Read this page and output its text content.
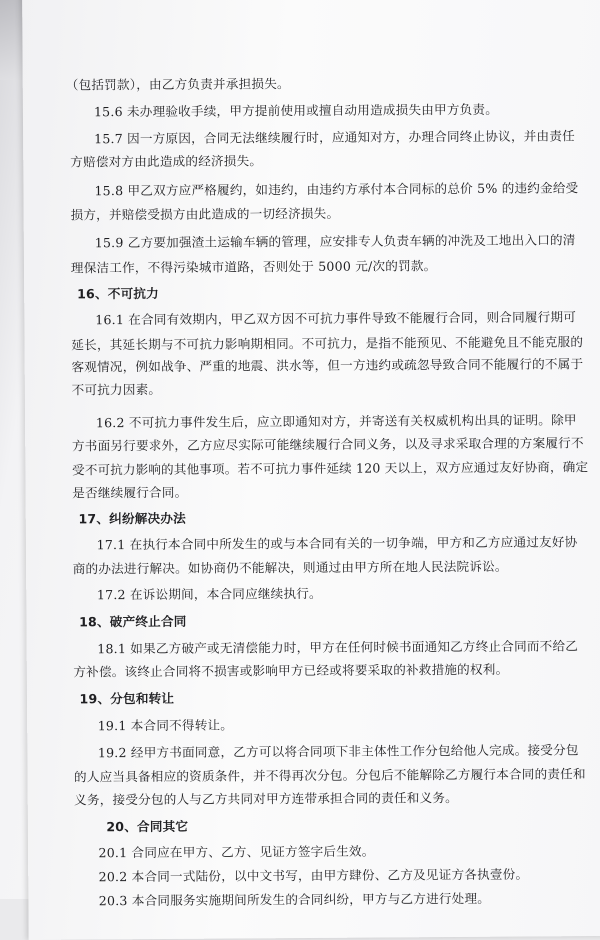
（包括罚款），由乙方负责并承担损失。
15.6 未办理验收手续，甲方提前使用或擅自动用造成损失由甲方负责。
15.7 因一方原因，合同无法继续履行时，应通知对方，办理合同终止协议，并由责任
方赔偿对方由此造成的经济损失。
15.8 甲乙双方应严格履约，如违约，由违约方承付本合同标的总价 5% 的违约金给受
损方，并赔偿受损方由此造成的一切经济损失。
15.9 乙方要加强渣土运输车辆的管理，应安排专人负责车辆的冲洗及工地出入口的清
理保洁工作，不得污染城市道路，否则处于 5000 元/次的罚款。
16、不可抗力
16.1 在合同有效期内，甲乙双方因不可抗力事件导致不能履行合同，则合同履行期可
延长，其延长期与不可抗力影响期相同。不可抗力，是指不能预见、不能避免且不能克服的
客观情况，例如战争、严重的地震、洪水等，但一方违约或疏忽导致合同不能履行的不属于
不可抗力因素。
16.2 不可抗力事件发生后，应立即通知对方，并寄送有关权威机构出具的证明。除甲
方书面另行要求外，乙方应尽实际可能继续履行合同义务，以及寻求采取合理的方案履行不
受不可抗力影响的其他事项。若不可抗力事件延续 120 天以上，双方应通过友好协商，确定
是否继续履行合同。
17、纠纷解决办法
17.1 在执行本合同中所发生的或与本合同有关的一切争端，甲方和乙方应通过友好协
商的办法进行解决。如协商仍不能解决，则通过由甲方所在地人民法院诉讼。
17.2 在诉讼期间，本合同应继续执行。
18、破产终止合同
18.1 如果乙方破产或无清偿能力时，甲方在任何时候书面通知乙方终止合同而不给乙
方补偿。该终止合同将不损害或影响甲方已经或将要采取的补救措施的权利。
19、分包和转让
19.1 本合同不得转让。
19.2 经甲方书面同意，乙方可以将合同项下非主体性工作分包给他人完成。接受分包
的人应当具备相应的资质条件，并不得再次分包。分包后不能解除乙方履行本合同的责任和
义务，接受分包的人与乙方共同对甲方连带承担合同的责任和义务。
20、合同其它
20.1 合同应在甲方、乙方、见证方签字后生效。
20.2 本合同一式陆份，以中文书写，由甲方肆份、乙方及见证方各执壹份。
20.3 本合同服务实施期间所发生的合同纠纷，甲方与乙方进行处理。
